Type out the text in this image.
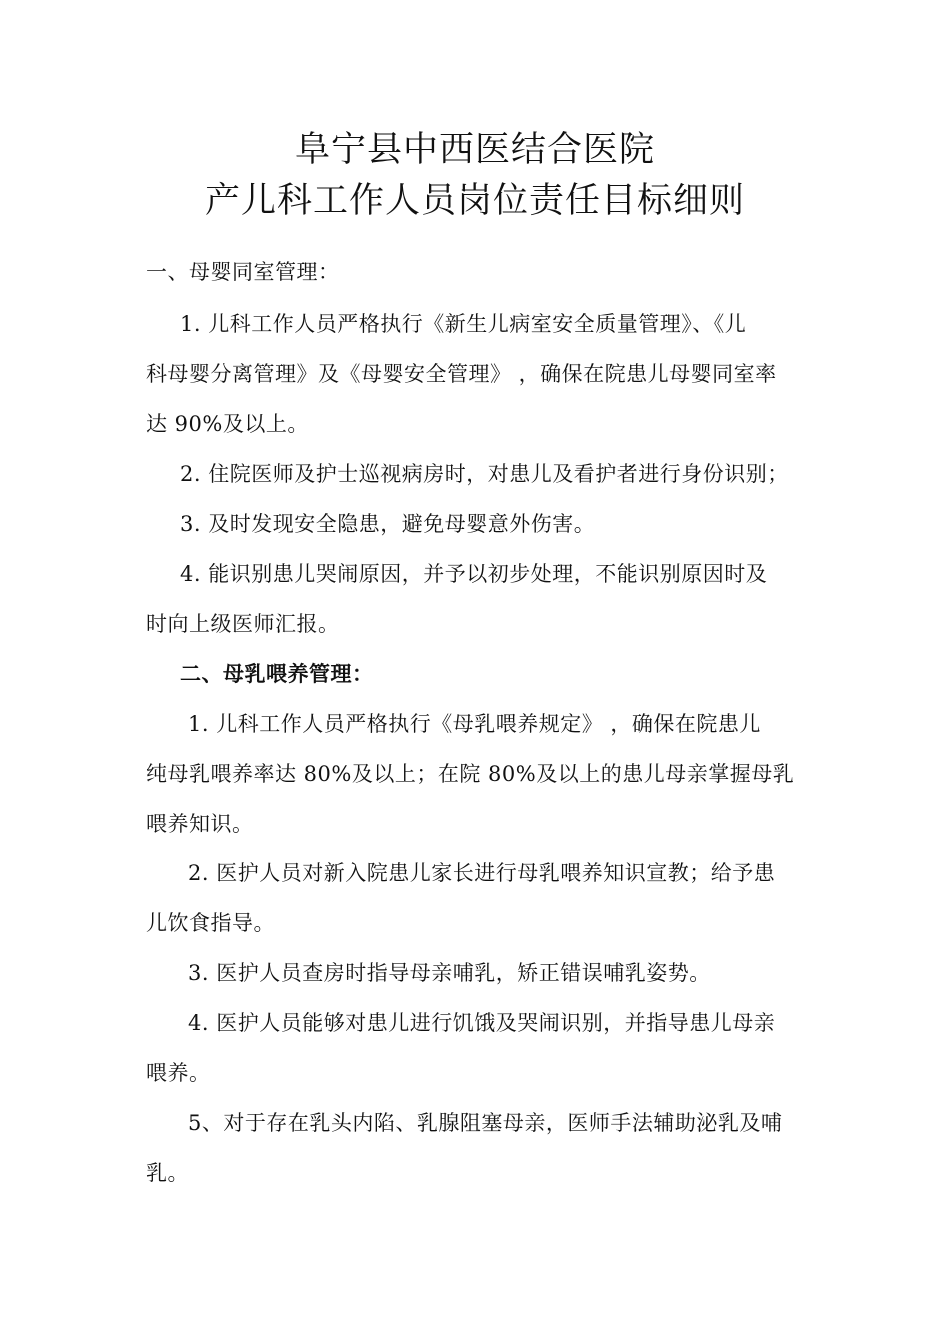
阜宁县中西医结合医院
产儿科工作人员岗位责任目标细则
一、母婴同室管理：
1. 儿科工作人员严格执行《新生儿病室安全质量管理》、《儿
科母婴分离管理》及《母婴安全管理》 ，确保在院患儿母婴同室率
达 90%及以上。
2. 住院医师及护士巡视病房时，对患儿及看护者进行身份识别；
3. 及时发现安全隐患，避免母婴意外伤害。
4. 能识别患儿哭闹原因，并予以初步处理，不能识别原因时及
时向上级医师汇报。
二、母乳喂养管理：
1. 儿科工作人员严格执行《母乳喂养规定》 ，确保在院患儿
纯母乳喂养率达 80%及以上；在院 80%及以上的患儿母亲掌握母乳
喂养知识。
2. 医护人员对新入院患儿家长进行母乳喂养知识宣教；给予患
儿饮食指导。
3. 医护人员查房时指导母亲哺乳，矫正错误哺乳姿势。
4. 医护人员能够对患儿进行饥饿及哭闹识别，并指导患儿母亲
喂养。
5、对于存在乳头内陷、乳腺阻塞母亲，医师手法辅助泌乳及哺
乳。
